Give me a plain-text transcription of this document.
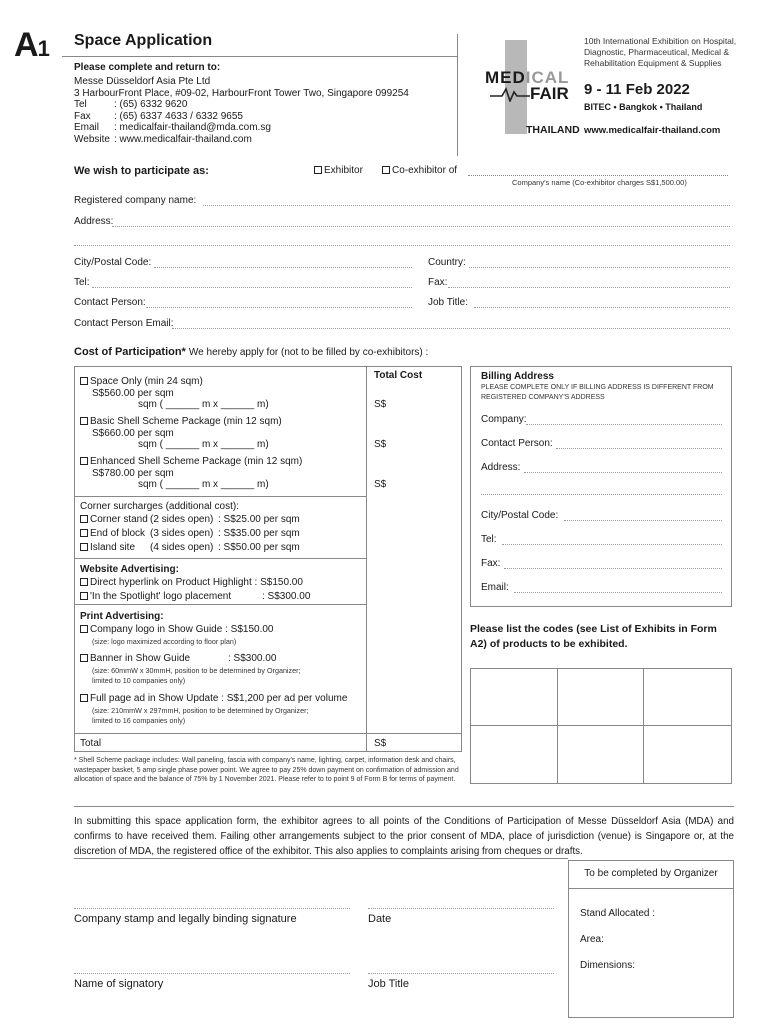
A1 Space Application
Please complete and return to:
Messe Düsseldorf Asia Pte Ltd
3 HarbourFront Place, #09-02, HarbourFront Tower Two, Singapore 099254
Tel	: (65) 6332 9620
Fax	: (65) 6337 4633 / 6332 9655
Email	: medicalfair-thailand@mda.com.sg
Website : www.medicalfair-thailand.com
MEDICAL
FAIR
THAILAND
10th International Exhibition on Hospital, Diagnostic, Pharmaceutical, Medical & Rehabilitation Equipment & Supplies
9 - 11 Feb 2022
BITEC • Bangkok • Thailand
www.medicalfair-thailand.com
We wish to participate as:	Exhibitor	Co-exhibitor of
Company's name (Co-exhibitor charges S$1,500.00)
Registered company name:
Address:
City/Postal Code:	Country:
Tel:	Fax:
Contact Person:	Job Title:
Contact Person Email:
Cost of Participation* We hereby apply for (not to be filled by co-exhibitors) :
Total Cost
Space Only (min 24 sqm)
S$560.00 per sqm
sqm ( ______ m x ______ m)	S$
Basic Shell Scheme Package (min 12 sqm)
S$660.00 per sqm
sqm ( ______ m x ______ m)	S$
Enhanced Shell Scheme Package (min 12 sqm)
S$780.00 per sqm
sqm ( ______ m x ______ m)	S$
Corner surcharges (additional cost):
Corner stand (2 sides open) : S$25.00 per sqm
End of block (3 sides open) : S$35.00 per sqm
Island site (4 sides open) : S$50.00 per sqm
Website Advertising:
Direct hyperlink on Product Highlight : S$150.00
'In the Spotlight' logo placement	: S$300.00
Print Advertising:
Company logo in Show Guide : S$150.00
(size: logo maximized according to floor plan)
Banner in Show Guide	: S$300.00
(size: 60mmW x 30mmH, position to be determined by Organizer;
limited to 10 companies only)
Full page ad in Show Update : S$1,200 per ad per volume
(size: 210mmW x 297mmH, position to be determined by Organizer;
limited to 16 companies only)
Total	S$
* Shell Scheme package includes: Wall paneling, fascia with company's name, lighting, carpet, information desk and chairs, wastepaper basket, 5 amp single phase power point. We agree to pay 25% down payment on confirmation of admission and allocation of space and the balance of 75% by 1 November 2021. Please refer to to point 9 of Form B for terms of payment.
Billing Address
PLEASE COMPLETE ONLY IF BILLING ADDRESS IS DIFFERENT FROM REGISTERED COMPANY'S ADDRESS
Company:
Contact Person:
Address:
City/Postal Code:
Tel:
Fax:
Email:
Please list the codes (see List of Exhibits in Form A2) of products to be exhibited.
In submitting this space application form, the exhibitor agrees to all points of the Conditions of Participation of Messe Düsseldorf Asia (MDA) and confirms to have received them. Failing other arrangements subject to the prior consent of MDA, place of jurisdiction (venue) is Singapore or, at the discretion of MDA, the registered office of the exhibitor. This also applies to complaints arising from cheques or drafts.
Company stamp and legally binding signature	Date
Name of signatory	Job Title
To be completed by Organizer
Stand Allocated :
Area:
Dimensions:
